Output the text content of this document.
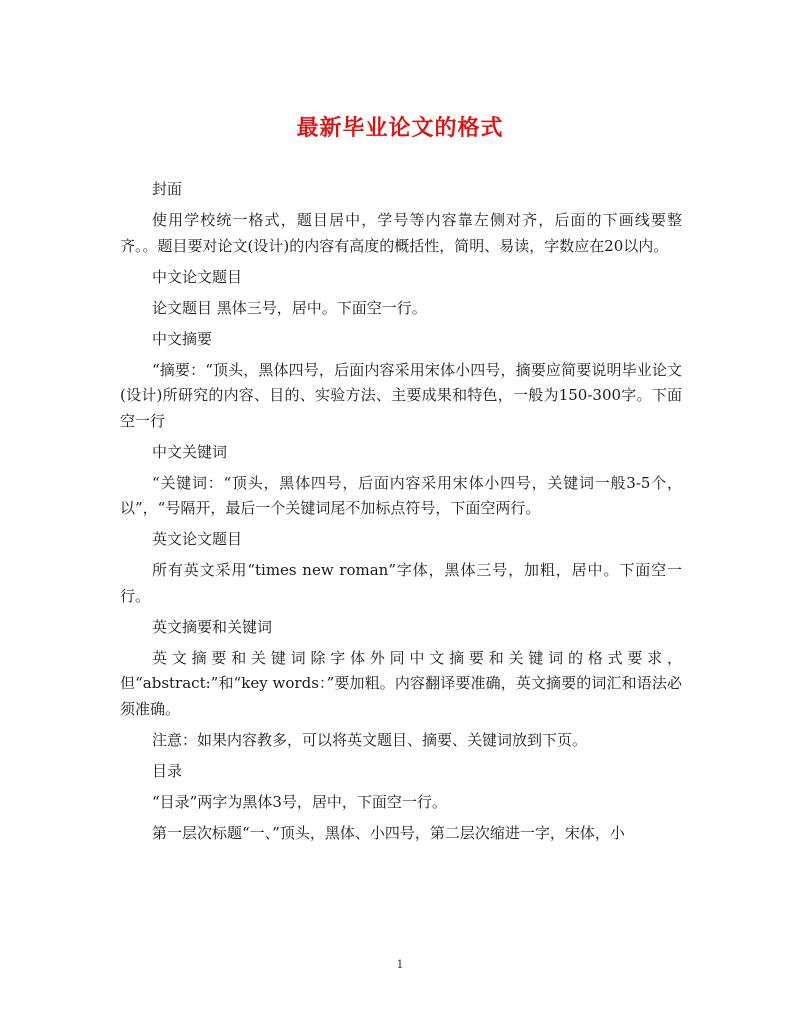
最新毕业论文的格式

封面

使用学校统一格式，题目居中，学号等内容靠左侧对齐，后面的下画线要整齐。。题目要对论文(设计)的内容有高度的概括性，简明、易读，字数应在20以内。

中文论文题目

论文题目 黑体三号，居中。下面空一行。

中文摘要

“摘要：“顶头，黑体四号，后面内容采用宋体小四号，摘要应简要说明毕业论文(设计)所研究的内容、目的、实验方法、主要成果和特色，一般为150-300字。下面空一行

中文关键词

“关键词：“顶头，黑体四号，后面内容采用宋体小四号，关键词一般3-5个，以”，“号隔开，最后一个关键词尾不加标点符号，下面空两行。

英文论文题目

所有英文采用“times new roman”字体，黑体三号，加粗，居中。下面空一行。

英文摘要和关键词

英文摘要和关键词除字体外同中文摘要和关键词的格式要求，但“abstract:”和“key words：”要加粗。内容翻译要准确，英文摘要的词汇和语法必须准确。

注意：如果内容教多，可以将英文题目、摘要、关键词放到下页。

目录

“目录”两字为黑体3号，居中，下面空一行。

第一层次标题“一、”顶头，黑体、小四号，第二层次缩进一字，宋体，小

1
